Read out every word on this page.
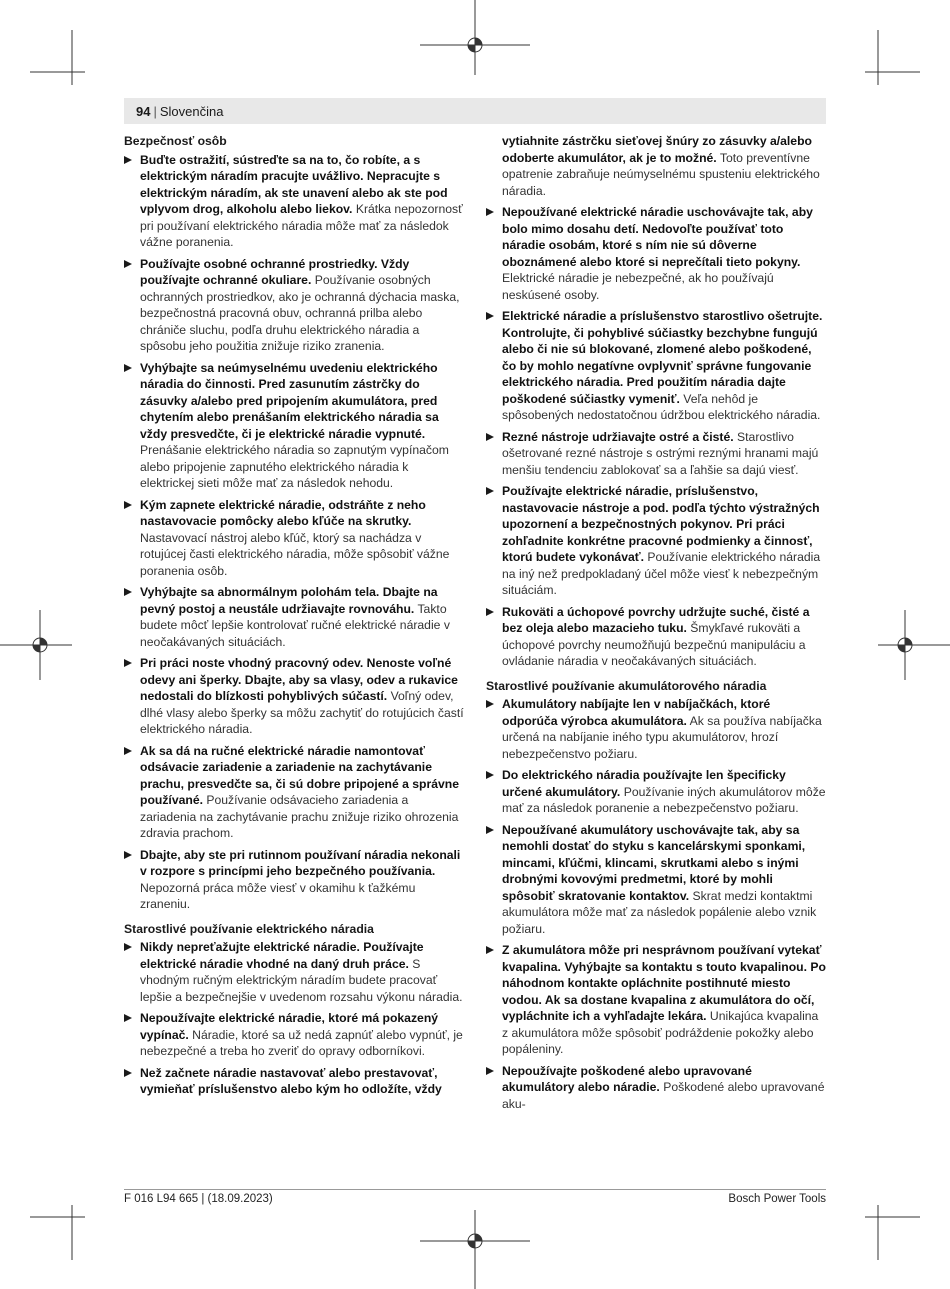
94 | Slovenčina
Bezpečnosť osôb
Buďte ostražití, sústreďte sa na to, čo robíte, a s elektrickým náradím pracujte uvážlivo. Nepracujte s elektrickým náradím, ak ste unavení alebo ak ste pod vplyvom drog, alkoholu alebo liekov. Krátka nepozornosť pri používaní elektrického náradia môže mať za následok vážne poranenia.
Používajte osobné ochranné prostriedky. Vždy používajte ochranné okuliare. Používanie osobných ochranných prostriedkov, ako je ochranná dýchacia maska, bezpečnostná pracovná obuv, ochranná prilba alebo chrániče sluchu, podľa druhu elektrického náradia a spôsobu jeho použitia znižuje riziko zranenia.
Vyhýbajte sa neúmyselnému uvedeniu elektrického náradia do činnosti. Pred zasunutím zástrčky do zásuvky a/alebo pred pripojením akumulátora, pred chytením alebo prenášaním elektrického náradia sa vždy presvedčte, či je elektrické náradie vypnuté. Prenášanie elektrického náradia so zapnutým vypínačom alebo pripojenie zapnutého elektrického náradia k elektrickej sieti môže mať za následok nehodu.
Kým zapnete elektrické náradie, odstráňte z neho nastavovacie pomôcky alebo kľúče na skrutky. Nastavovací nástroj alebo kľúč, ktorý sa nachádza v rotujúcej časti elektrického náradia, môže spôsobiť vážne poranenia osôb.
Vyhýbajte sa abnormálnym polohám tela. Dbajte na pevný postoj a neustále udržiavajte rovnováhu. Takto budete môcť lepšie kontrolovať ručné elektrické náradie v neočakávaných situáciách.
Pri práci noste vhodný pracovný odev. Nenoste voľné odevy ani šperky. Dbajte, aby sa vlasy, odev a rukavice nedostali do blízkosti pohyblivých súčastí. Voľný odev, dlhé vlasy alebo šperky sa môžu zachytiť do rotujúcich častí elektrického náradia.
Ak sa dá na ručné elektrické náradie namontovať odsávacie zariadenie a zariadenie na zachytávanie prachu, presvedčte sa, či sú dobre pripojené a správne používané. Používanie odsávacieho zariadenia a zariadenia na zachytávanie prachu znižuje riziko ohrozenia zdravia prachom.
Dbajte, aby ste pri rutinnom používaní náradia nekonali v rozpore s princípmi jeho bezpečného používania. Nepozorná práca môže viesť v okamihu k ťažkému zraneniu.
Starostlivé používanie elektrického náradia
Nikdy nepreťažujte elektrické náradie. Používajte elektrické náradie vhodné na daný druh práce. S vhodným ručným elektrickým náradím budete pracovať lepšie a bezpečnejšie v uvedenom rozsahu výkonu náradia.
Nepoužívajte elektrické náradie, ktoré má pokazený vypínač. Náradie, ktoré sa už nedá zapnúť alebo vypnúť, je nebezpečné a treba ho zveriť do opravy odborníkovi.
Než začnete náradie nastavovať alebo prestavovať, vymieňať príslušenstvo alebo kým ho odložíte, vždy
vytiahnite zástrčku sieťovej šnúry zo zásuvky a/alebo odoberte akumulátor, ak je to možné. Toto preventívne opatrenie zabraňuje neúmyselnému spusteniu elektrického náradia.
Nepoužívané elektrické náradie uschovávajte tak, aby bolo mimo dosahu detí. Nedovoľte používať toto náradie osobám, ktoré s ním nie sú dôverne oboznámené alebo ktoré si neprečítali tieto pokyny. Elektrické náradie je nebezpečné, ak ho používajú neskúsené osoby.
Elektrické náradie a príslušenstvo starostlivo ošetrujte. Kontrolujte, či pohyblivé súčiastky bezchybne fungujú alebo či nie sú blokované, zlomené alebo poškodené, čo by mohlo negatívne ovplyvniť správne fungovanie elektrického náradia. Pred použitím náradia dajte poškodené súčiastky vymeniť. Veľa nehôd je spôsobených nedostatočnou údržbou elektrického náradia.
Rezné nástroje udržiavajte ostré a čisté. Starostlivo ošetrované rezné nástroje s ostrými reznými hranami majú menšiu tendenciu zablokovať sa a ľahšie sa dajú viesť.
Používajte elektrické náradie, príslušenstvo, nastavovacie nástroje a pod. podľa týchto výstražných upozornení a bezpečnostných pokynov. Pri práci zohľadnite konkrétne pracovné podmienky a činnosť, ktorú budete vykonávať. Používanie elektrického náradia na iný než predpokladaný účel môže viesť k nebezpečným situáciám.
Rukoväti a úchopové povrchy udržujte suché, čisté a bez oleja alebo mazacieho tuku. Šmykľavé rukoväti a úchopové povrchy neumožňujú bezpečnú manipuláciu a ovládanie náradia v neočakávaných situáciách.
Starostlivé používanie akumulátorového náradia
Akumulátory nabíjajte len v nabíjačkách, ktoré odporúča výrobca akumulátora. Ak sa používa nabíjačka určená na nabíjanie iného typu akumulátorov, hrozí nebezpečenstvo požiaru.
Do elektrického náradia používajte len špecificky určené akumulátory. Používanie iných akumulátorov môže mať za následok poranenie a nebezpečenstvo požiaru.
Nepoužívané akumulátory uschovávajte tak, aby sa nemohli dostať do styku s kancelárskymi sponkami, mincami, kľúčmi, klincami, skrutkami alebo s inými drobnými kovovými predmetmi, ktoré by mohli spôsobiť skratovanie kontaktov. Skrat medzi kontaktmi akumulátora môže mať za následok popálenie alebo vznik požiaru.
Z akumulátora môže pri nesprávnom používaní vytekať kvapalina. Vyhýbajte sa kontaktu s touto kvapalinou. Po náhodnom kontakte opláchnite postihnuté miesto vodou. Ak sa dostane kvapalina z akumulátora do očí, vypláchnite ich a vyhľadajte lekára. Unikajúca kvapalina z akumulátora môže spôsobiť podráždenie pokožky alebo popáleniny.
Nepoužívajte poškodené alebo upravované akumulátory alebo náradie. Poškodené alebo upravované aku-
F 016 L94 665 | (18.09.2023)	Bosch Power Tools
